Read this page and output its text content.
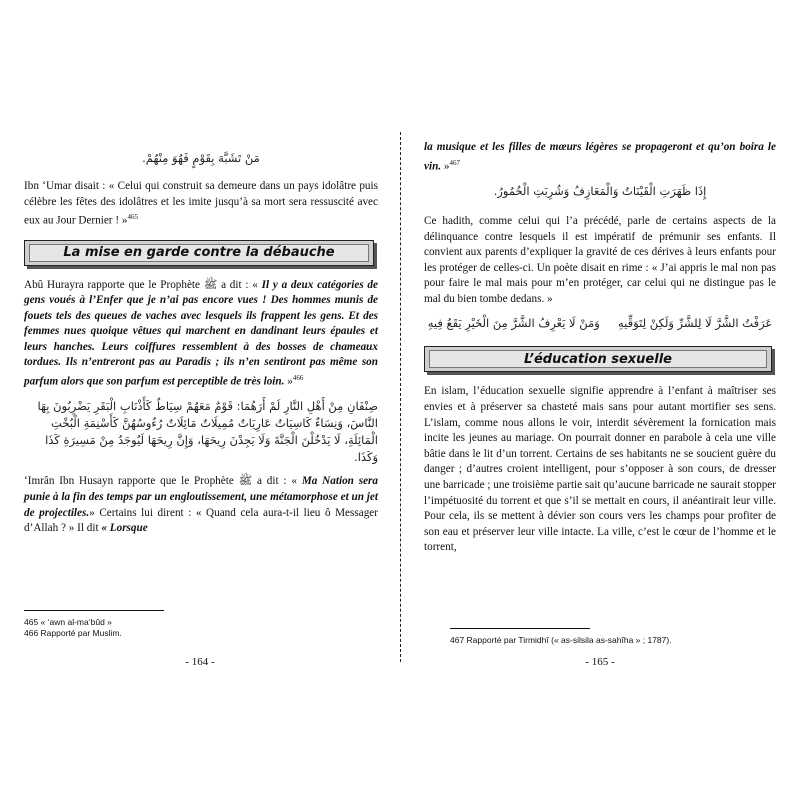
مَنْ تَشَبَّهَ بِقَوْمٍ فَهُوَ مِنْهُمْ.

Ibn ‘Umar disait : « Celui qui construit sa demeure dans un pays idolâtre puis célèbre les fêtes des idolâtres et les imite jusqu’à sa mort sera ressuscité avec eux au Jour Dernier ! »$^{465}$

La mise en garde contre la débauche

Abû Hurayra rapporte que le Prophète ﷺ a dit : « Il y a deux catégories de gens voués à l’Enfer que je n’ai pas encore vues ! Des hommes munis de fouets tels des queues de vaches avec lesquels ils frappent les gens. Et des femmes nues quoique vêtues qui marchent en dandinant leurs épaules et leurs hanches. Leurs coiffures ressemblent à des bosses de chameaux tordues. Ils n’entreront pas au Paradis ; ils n’en sentiront pas même son parfum alors que son parfum est perceptible de très loin. »$^{466}$

صِنْفَانِ مِنْ أَهْلِ النَّارِ لَمْ أَرَهُمَا: قَوْمٌ مَعَهُمْ سِيَاطٌ كَأَذْنَابِ الْبَقَرِ يَضْرِبُونَ بِهَا
النَّاسَ، وَنِسَاءٌ كَاسِيَاتٌ عَارِيَاتٌ مُمِيلَاتٌ مَائِلَاتٌ رُءُوسُهُنَّ كَأَسْنِمَةِ الْبُخْتِ
الْمَائِلَةِ، لَا يَدْخُلْنَ الْجَنَّةَ وَلَا يَجِدْنَ رِيحَهَا، وَإِنَّ رِيحَهَا لَيُوجَدُ مِنْ مَسِيرَةِ كَذَا وَكَذَا.

‘Imrân Ibn Husayn rapporte que le Prophète ﷺ a dit : « Ma Nation sera punie à la fin des temps par un engloutissement, une métamorphose et un jet de projectiles.» Certains lui dirent : « Quand cela aura-t-il lieu ô Messager d’Allah ? » Il dit « Lorsque

465 « ‘awn al-ma‘bûd »
466 Rapporté par Muslim.
- 164 -

la musique et les filles de mœurs légères se propageront et qu’on boira le vin. »$^{467}$

إِذَا ظَهَرَتِ الْقَيْنَاتُ وَالْمَعَازِفُ وَشُرِبَتِ الْخُمُورُ.

Ce hadith, comme celui qui l’a précédé, parle de certains aspects de la délinquance contre lesquels il est impératif de prémunir ses enfants. Il convient aux parents d’expliquer la gravité de ces dérives à leurs enfants pour les protéger de celles-ci. Un poète disait en rime : « J’ai appris le mal non pas pour faire le mal mais pour m’en protéger, car celui qui ne distingue pas le mal du bien tombe dedans. »

عَرَفْتُ الشَّرَّ لَا لِلشَّرِّ وَلَكِنْ لِتَوَقِّيهِ     وَمَنْ لَا يَعْرِفُ الشَّرَّ مِنَ الْخَيْرِ يَقَعُ فِيهِ
L’éducation sexuelle

En islam, l’éducation sexuelle signifie apprendre à l’enfant à maîtriser ses envies et à préserver sa chasteté mais sans pour autant mortifier ses sens. L’islam, comme nous allons le voir, interdit sévèrement la fornication mais incite les jeunes au mariage. On pourrait donner en parabole à cela une ville bâtie dans le lit d’un torrent. Certains de ses habitants ne se soucient guère du danger ; d’autres croient intelligent, pour s’opposer à son cours, de dresser une barricade ; une troisième partie sait qu’aucune barricade ne saurait stopper l’impétuosité du torrent et que s’il se mettait en cours, il anéantirait leur ville. Pour cela, ils se mettent à dévier son cours vers les champs pour profiter de son eau et préserver leur ville intacte. La ville, c’est le cœur de l’homme et le torrent,

467 Rapporté par Tirmidhî (« as-silsila as-sahîha » ; 1787).
- 165 -
